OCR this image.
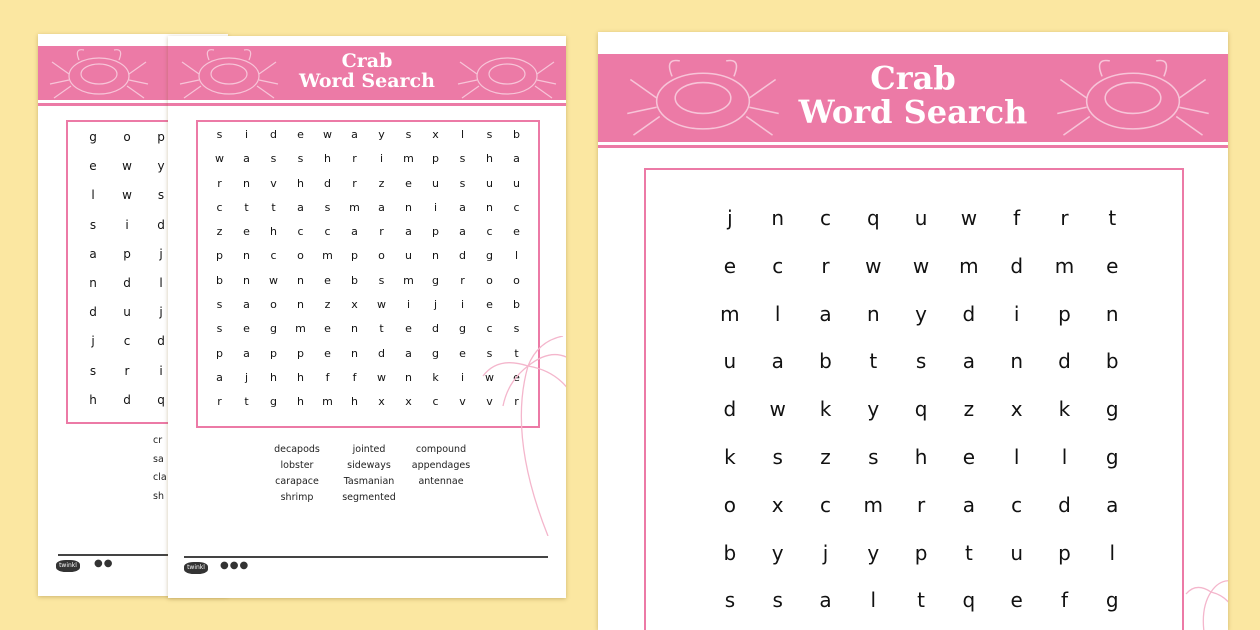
g	o	p
e	w	y
l	w	s
s	i	d
a	p	j
n	d	l
d	u	j
j	c	d
s	r	i
h	d	q
cr
sa
cla
sh
twinkl	●●
Crab
Word Search
s	i	d	e	w	a	y	s	x	l	s	b
w	a	s	s	h	r	i	m	p	s	h	a
r	n	v	h	d	r	z	e	u	s	u	u
c	t	t	a	s	m	a	n	i	a	n	c
z	e	h	c	c	a	r	a	p	a	c	e
p	n	c	o	m	p	o	u	n	d	g	l
b	n	w	n	e	b	s	m	g	r	o	o
s	a	o	n	z	x	w	i	j	i	e	b
s	e	g	m	e	n	t	e	d	g	c	s
p	a	p	p	e	n	d	a	g	e	s	t
a	j	h	h	f	f	w	n	k	i	w	e
r	t	g	h	m	h	x	x	c	v	v	r
decapods	jointed	compound
lobster	sideways	appendages
carapace	Tasmanian	antennae
shrimp	segmented
twinkl	●●●
Crab
Word Search
j	n	c	q	u	w	f	r	t
e	c	r	w	w	m	d	m	e
m	l	a	n	y	d	i	p	n
u	a	b	t	s	a	n	d	b
d	w	k	y	q	z	x	k	g
k	s	z	s	h	e	l	l	g
o	x	c	m	r	a	c	d	a
b	y	j	y	p	t	u	p	l
s	s	a	l	t	q	e	f	g
